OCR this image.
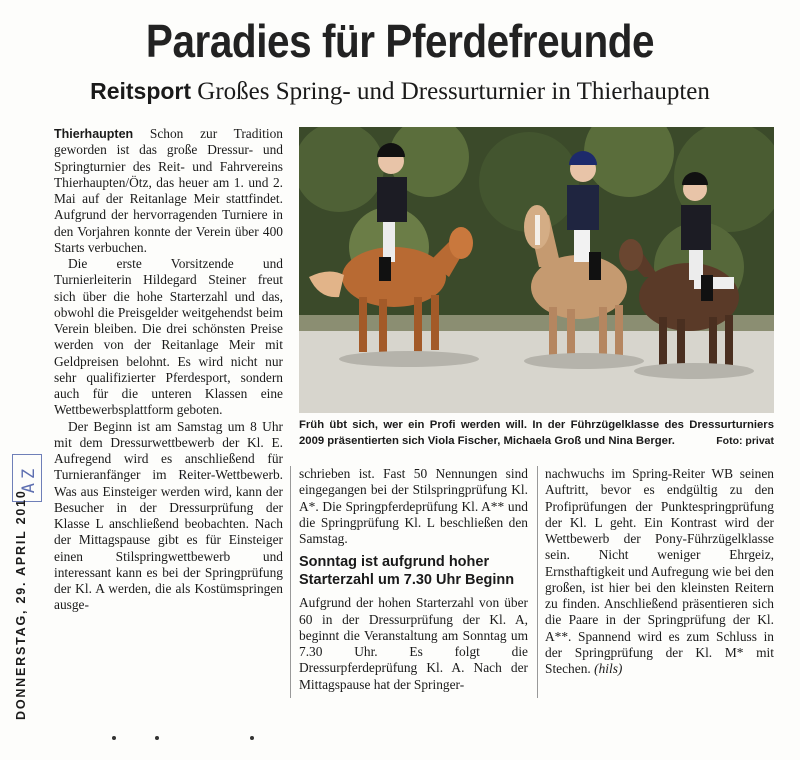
Paradies für Pferdefreunde
Reitsport Großes Spring- und Dressurturnier in Thierhaupten

Thierhaupten Schon zur Tradition geworden ist das große Dressur- und Springturnier des Reit- und Fahrvereins Thierhaupten/Ötz, das heuer am 1. und 2. Mai auf der Reitanlage Meir stattfindet. Aufgrund der hervorragenden Turniere in den Vorjahren konnte der Verein über 400 Starts verbuchen.

Die erste Vorsitzende und Turnierleiterin Hildegard Steiner freut sich über die hohe Starterzahl und das, obwohl die Preisgelder weitgehendst beim Verein bleiben. Die drei schönsten Preise werden von der Reitanlage Meir mit Geldpreisen belohnt. Es wird nicht nur sehr qualifizierter Pferdesport, sondern auch für die unteren Klassen eine Wettbewerbsplattform geboten.

Der Beginn ist am Samstag um 8 Uhr mit dem Dressurwettbewerb der Kl. E. Aufregend wird es anschließend für Turnieranfänger im Reiter-Wettbewerb. Was aus Einsteiger werden wird, kann der Besucher in der Dressurprüfung der Klasse L anschließend beobachten. Nach der Mittagspause gibt es für Einsteiger einen Stilspringwettbewerb und interessant kann es bei der Springprüfung der Kl. A werden, die als Kostümspringen ausge-

Früh übt sich, wer ein Profi werden will. In der Führzügelklasse des Dressurturniers 2009 präsentierten sich Viola Fischer, Michaela Groß und Nina Berger.	Foto: privat

schrieben ist. Fast 50 Nennungen sind eingegangen bei der Stilspringprüfung Kl. A*. Die Springpferdeprüfung Kl. A** und die Springprüfung Kl. L beschließen den Samstag.

Sonntag ist aufgrund hoher Starterzahl um 7.30 Uhr Beginn

Aufgrund der hohen Starterzahl von über 60 in der Dressurprüfung der Kl. A, beginnt die Veranstaltung am Sonntag um 7.30 Uhr. Es folgt die Dressurpferdeprüfung Kl. A. Nach der Mittagspause hat der Springer-

nachwuchs im Spring-Reiter WB seinen Auftritt, bevor es endgültig zu den Profiprüfungen der Punktespringprüfung der Kl. L geht. Ein Kontrast wird der Wettbewerb der Pony-Führzügelklasse sein. Nicht weniger Ehrgeiz, Ernsthaftigkeit und Aufregung wie bei den großen, ist hier bei den kleinsten Reitern zu finden. Anschließend präsentieren sich die Paare in der Springprüfung der Kl. A**. Spannend wird es zum Schluss in der Springprüfung der Kl. M* mit Stechen. (hils)

AZ
DONNERSTAG, 29. APRIL 2010
